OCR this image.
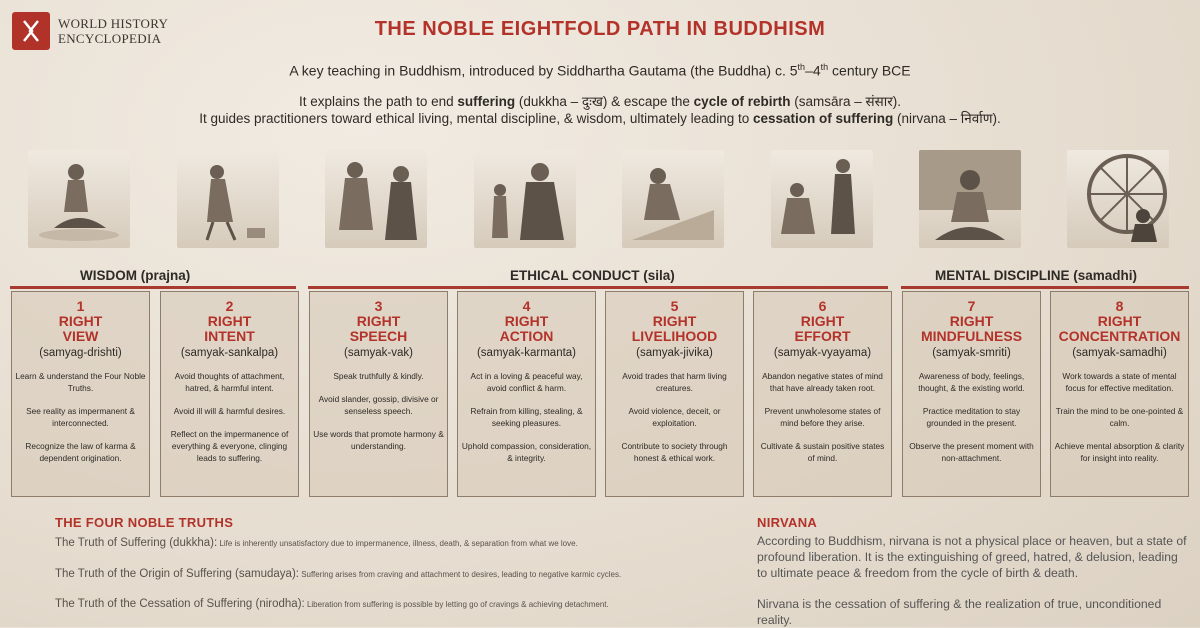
WORLD HISTORY
ENCYCLOPEDIA	THE NOBLE EIGHTFOLD PATH IN BUDDHISM
A key teaching in Buddhism, introduced by Siddhartha Gautama (the Buddha) c. 5th–4th century BCE
It explains the path to end suffering (dukkha – दुःख) & escape the cycle of rebirth (samsāra – संसार).
It guides practitioners toward ethical living, mental discipline, & wisdom, ultimately leading to cessation of suffering (nirvana – निर्वाण).
WISDOM (prajna)	ETHICAL CONDUCT (sila)	MENTAL DISCIPLINE (samadhi)
1
RIGHT
VIEW
(samyag-drishti)

Learn & understand the Four Noble Truths.

See reality as impermanent & interconnected.

Recognize the law of karma & dependent origination.

2
RIGHT
INTENT
(samyak-sankalpa)

Avoid thoughts of attachment, hatred, & harmful intent.

Avoid ill will & harmful desires.

Reflect on the impermanence of everything & everyone, clinging leads to suffering.

3
RIGHT
SPEECH
(samyak-vak)

Speak truthfully & kindly.

Avoid slander, gossip, divisive or senseless speech.

Use words that promote harmony & understanding.

4
RIGHT
ACTION
(samyak-karmanta)

Act in a loving & peaceful way, avoid conflict & harm.

Refrain from killing, stealing, & seeking pleasures.

Uphold compassion, consideration, & integrity.

5
RIGHT
LIVELIHOOD
(samyak-jivika)

Avoid trades that harm living creatures.

Avoid violence, deceit, or exploitation.

Contribute to society through honest & ethical work.

6
RIGHT
EFFORT
(samyak-vyayama)

Abandon negative states of mind that have already taken root.

Prevent unwholesome states of mind before they arise.

Cultivate & sustain positive states of mind.

7
RIGHT
MINDFULNESS
(samyak-smriti)

Awareness of body, feelings, thought, & the existing world.

Practice meditation to stay grounded in the present.

Observe the present moment with non-attachment.

8
RIGHT
CONCENTRATION
(samyak-samadhi)

Work towards a state of mental focus for effective meditation.

Train the mind to be one-pointed & calm.

Achieve mental absorption & clarity for insight into reality.

THE FOUR NOBLE TRUTHS
The Truth of Suffering (dukkha): Life is inherently unsatisfactory due to impermanence, illness, death, & separation from what we love.
The Truth of the Origin of Suffering (samudaya): Suffering arises from craving and attachment to desires, leading to negative karmic cycles.
The Truth of the Cessation of Suffering (nirodha): Liberation from suffering is possible by letting go of cravings & achieving detachment.
NIRVANA
According to Buddhism, nirvana is not a physical place or heaven, but a state of profound liberation. It is the extinguishing of greed, hatred, & delusion, leading to ultimate peace & freedom from the cycle of birth & death.
Nirvana is the cessation of suffering & the realization of true, unconditioned reality.
